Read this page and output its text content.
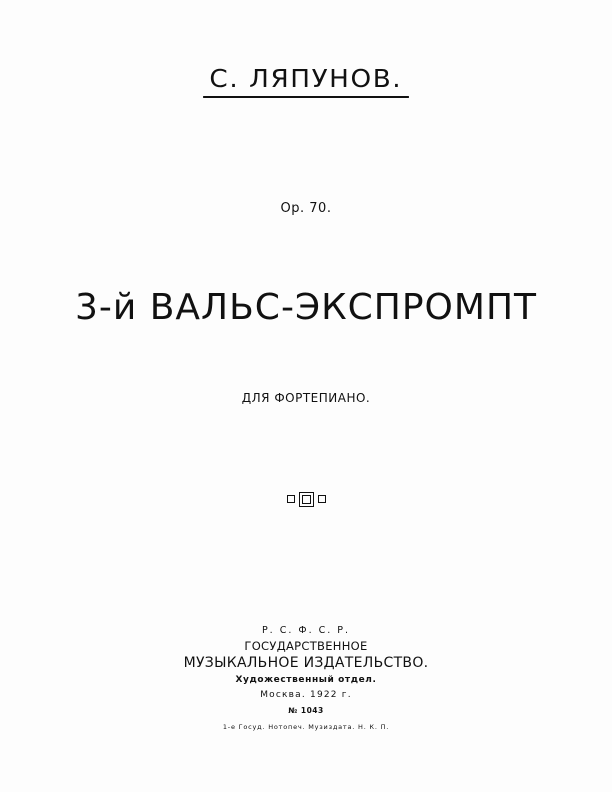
С. ЛЯПУНОВ.
Op. 70.
3-й ВАЛЬС-ЭКСПРОМПТ
ДЛЯ ФОРТЕПИАНО.
Р. С. Ф. С. Р.
ГОСУДАРСТВЕННОЕ
МУЗЫКАЛЬНОЕ ИЗДАТЕЛЬСТВО.
Художественный отдел.
Москва. 1922 г.
№ 1043
1-е Госуд. Нотопеч. Музиздата. Н. К. П.
